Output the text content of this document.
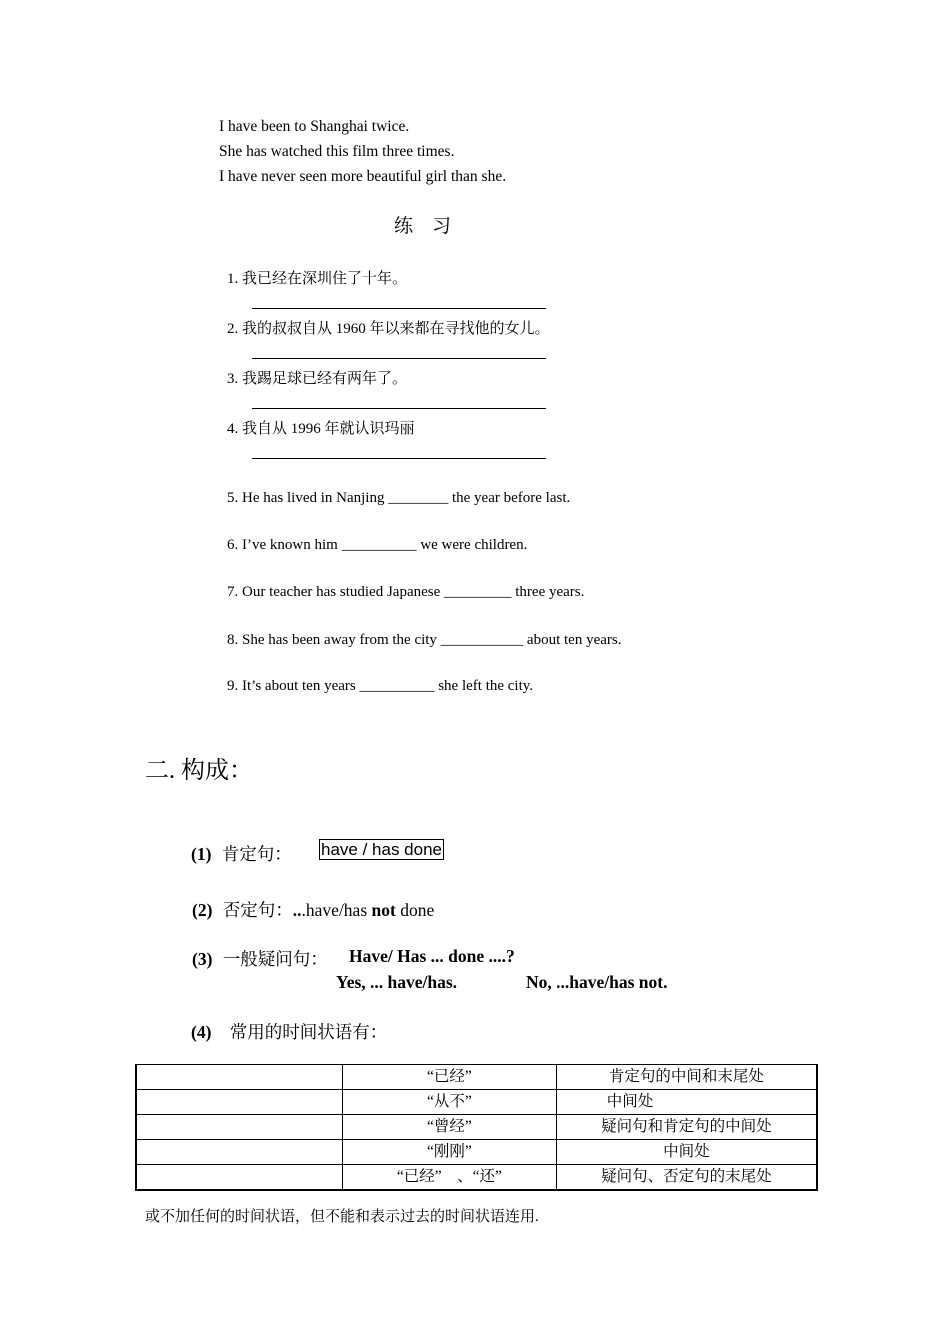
I have been to Shanghai twice.
She has watched this film three times.
I have never seen more beautiful girl than she.
练　习
1. 我已经在深圳住了十年。
2. 我的叔叔自从 1960 年以来都在寻找他的女儿。
3. 我踢足球已经有两年了。
4. 我自从 1996 年就认识玛丽
5. He has lived in Nanjing ________ the year before last.
6. I’ve known him __________ we were children.
7. Our teacher has studied Japanese _________ three years.
8. She has been away from the city ___________ about ten years.
9. It’s about ten years __________ she left the city.
二. 构成：
(1) 肯定句： have / has done
(2) 否定句：...have/has not done
(3) 一般疑问句： Have/ Has ... done ....?
Yes, ... have/has.	No, ...have/has not.
(4) 常用的时间状语有：
	“已经”	肯定句的中间和末尾处
	“从不”	中间处
	“曾经”	疑问句和肯定句的中间处
	“刚刚”	中间处
	“已经”　、“还”	疑问句、否定句的末尾处
或不加任何的时间状语，但不能和表示过去的时间状语连用.
